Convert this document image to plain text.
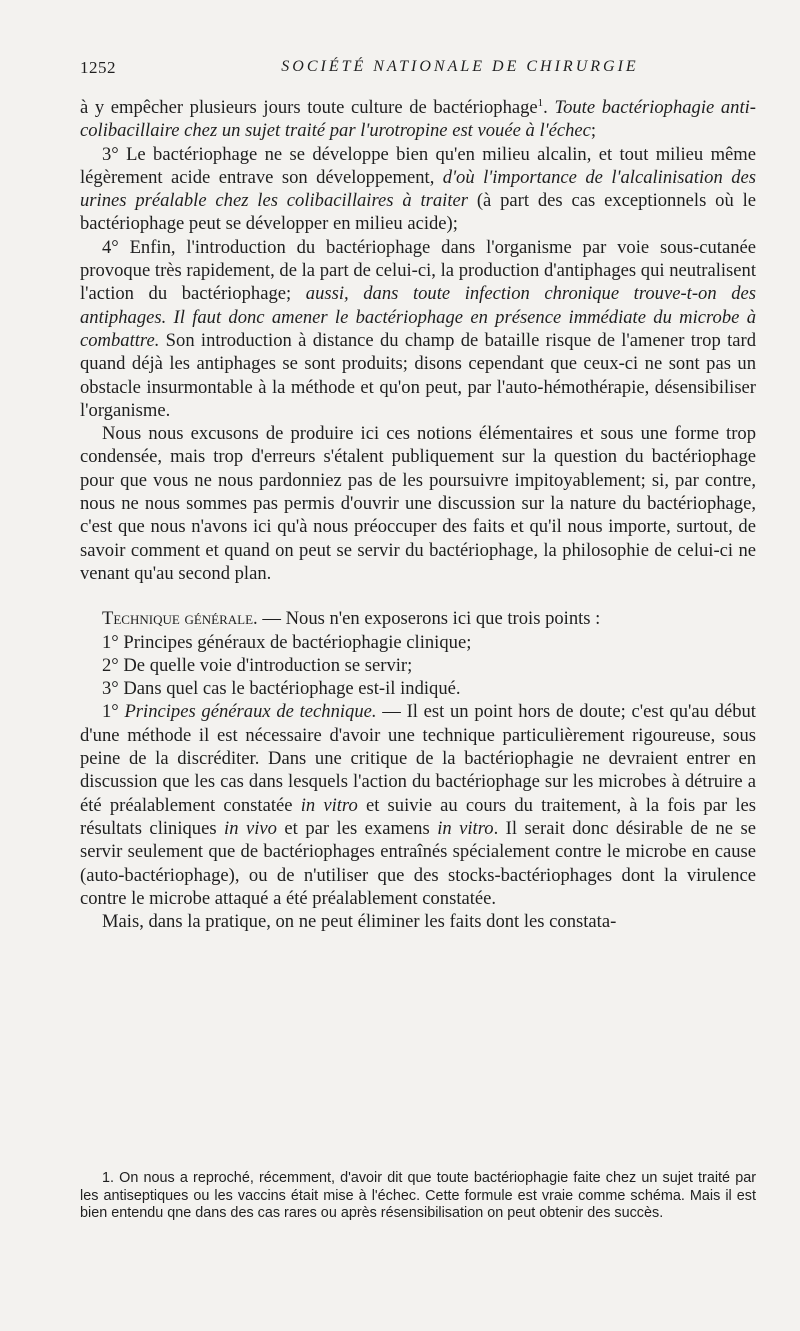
1252	SOCIÉTÉ NATIONALE DE CHIRURGIE

à y empêcher plusieurs jours toute culture de bactériophage$^1$. Toute bactériophagie anti-colibacillaire chez un sujet traité par l'urotropine est vouée à l'échec;

3° Le bactériophage ne se développe bien qu'en milieu alcalin, et tout milieu même légèrement acide entrave son développement, d'où l'importance de l'alcalinisation des urines préalable chez les colibacillaires à traiter (à part des cas exceptionnels où le bactériophage peut se développer en milieu acide);

4° Enfin, l'introduction du bactériophage dans l'organisme par voie sous-cutanée provoque très rapidement, de la part de celui-ci, la production d'antiphages qui neutralisent l'action du bactériophage; aussi, dans toute infection chronique trouve-t-on des antiphages. Il faut donc amener le bactériophage en présence immédiate du microbe à combattre. Son introduction à distance du champ de bataille risque de l'amener trop tard quand déjà les antiphages se sont produits; disons cependant que ceux-ci ne sont pas un obstacle insurmontable à la méthode et qu'on peut, par l'auto-hémothérapie, désensibiliser l'organisme.

Nous nous excusons de produire ici ces notions élémentaires et sous une forme trop condensée, mais trop d'erreurs s'étalent publiquement sur la question du bactériophage pour que vous ne nous pardonniez pas de les poursuivre impitoyablement; si, par contre, nous ne nous sommes pas permis d'ouvrir une discussion sur la nature du bactériophage, c'est que nous n'avons ici qu'à nous préoccuper des faits et qu'il nous importe, surtout, de savoir comment et quand on peut se servir du bactériophage, la philosophie de celui-ci ne venant qu'au second plan.

Technique générale. — Nous n'en exposerons ici que trois points :

1° Principes généraux de bactériophagie clinique;

2° De quelle voie d'introduction se servir;

3° Dans quel cas le bactériophage est-il indiqué.

1° Principes généraux de technique. — Il est un point hors de doute; c'est qu'au début d'une méthode il est nécessaire d'avoir une technique particulièrement rigoureuse, sous peine de la discréditer. Dans une critique de la bactériophagie ne devraient entrer en discussion que les cas dans lesquels l'action du bactériophage sur les microbes à détruire a été préalablement constatée in vitro et suivie au cours du traitement, à la fois par les résultats cliniques in vivo et par les examens in vitro. Il serait donc désirable de ne se servir seulement que de bactériophages entraînés spécialement contre le microbe en cause (auto-bactériophage), ou de n'utiliser que des stocks-bactériophages dont la virulence contre le microbe attaqué a été préalablement constatée.

Mais, dans la pratique, on ne peut éliminer les faits dont les constata-

1. On nous a reproché, récemment, d'avoir dit que toute bactériophagie faite chez un sujet traité par les antiseptiques ou les vaccins était mise à l'échec. Cette formule est vraie comme schéma. Mais il est bien entendu qne dans des cas rares ou après résensibilisation on peut obtenir des succès.
